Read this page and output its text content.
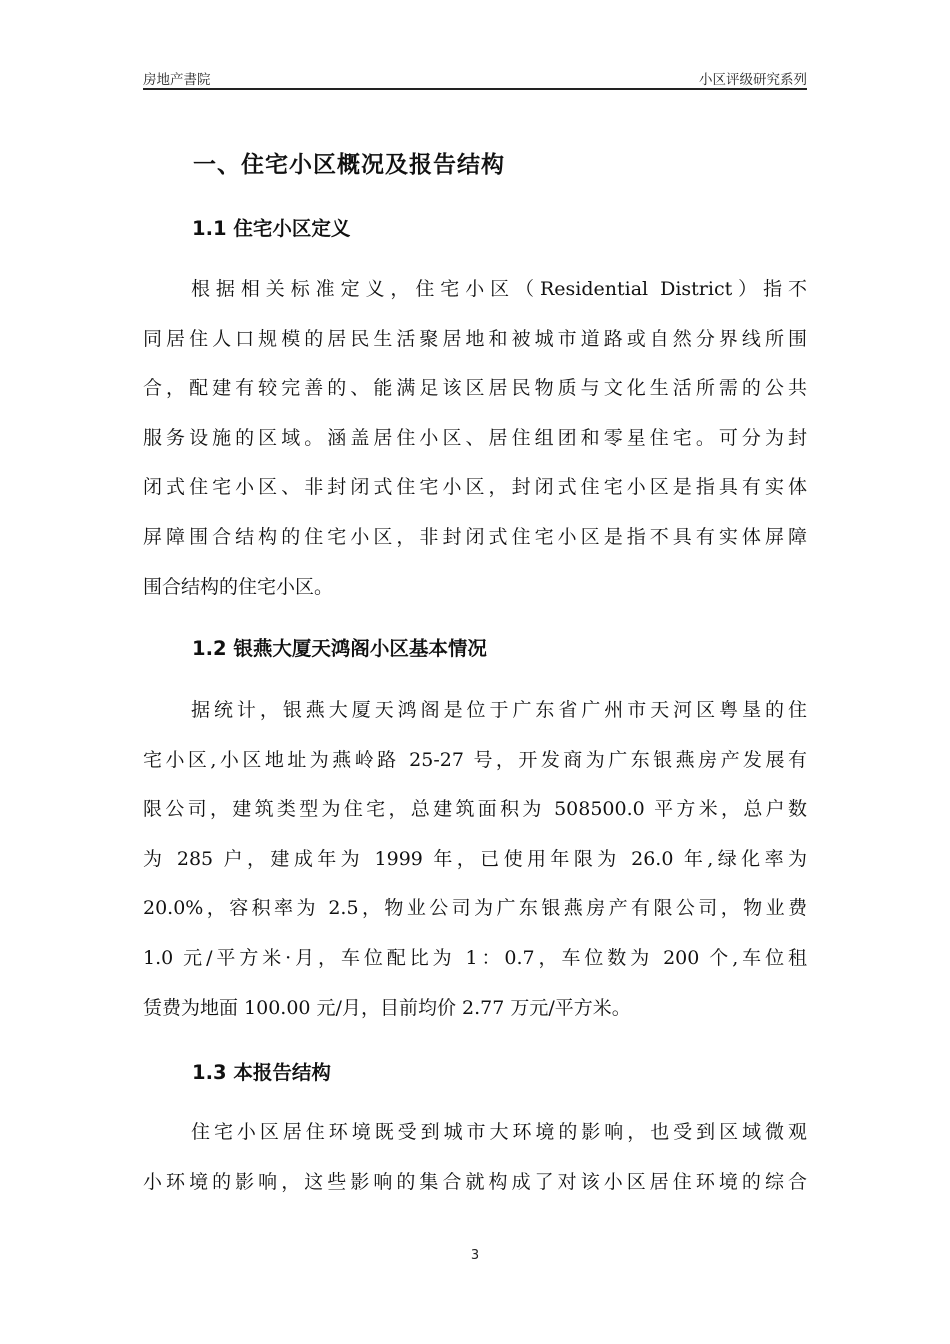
房地产書院	小区评级研究系列
一、住宅小区概况及报告结构
1.1 住宅小区定义
根据相关标准定义，住宅小区（Residential District）指不
同居住人口规模的居民生活聚居地和被城市道路或自然分界线所围
合，配建有较完善的、能满足该区居民物质与文化生活所需的公共
服务设施的区域。涵盖居住小区、居住组团和零星住宅。可分为封
闭式住宅小区、非封闭式住宅小区，封闭式住宅小区是指具有实体
屏障围合结构的住宅小区，非封闭式住宅小区是指不具有实体屏障
围合结构的住宅小区。
1.2 银燕大厦天鸿阁小区基本情况
据统计，银燕大厦天鸿阁是位于广东省广州市天河区粤垦的住
宅小区,小区地址为燕岭路 25-27 号，开发商为广东银燕房产发展有
限公司，建筑类型为住宅，总建筑面积为 508500.0 平方米，总户数
为 285 户，建成年为 1999 年，已使用年限为 26.0 年,绿化率为
20.0%，容积率为 2.5，物业公司为广东银燕房产有限公司，物业费
1.0 元/平方米·月，车位配比为 1：0.7，车位数为 200 个,车位租
赁费为地面 100.00 元/月，目前均价 2.77 万元/平方米。
1.3 本报告结构
住宅小区居住环境既受到城市大环境的影响，也受到区域微观
小环境的影响，这些影响的集合就构成了对该小区居住环境的综合
3
